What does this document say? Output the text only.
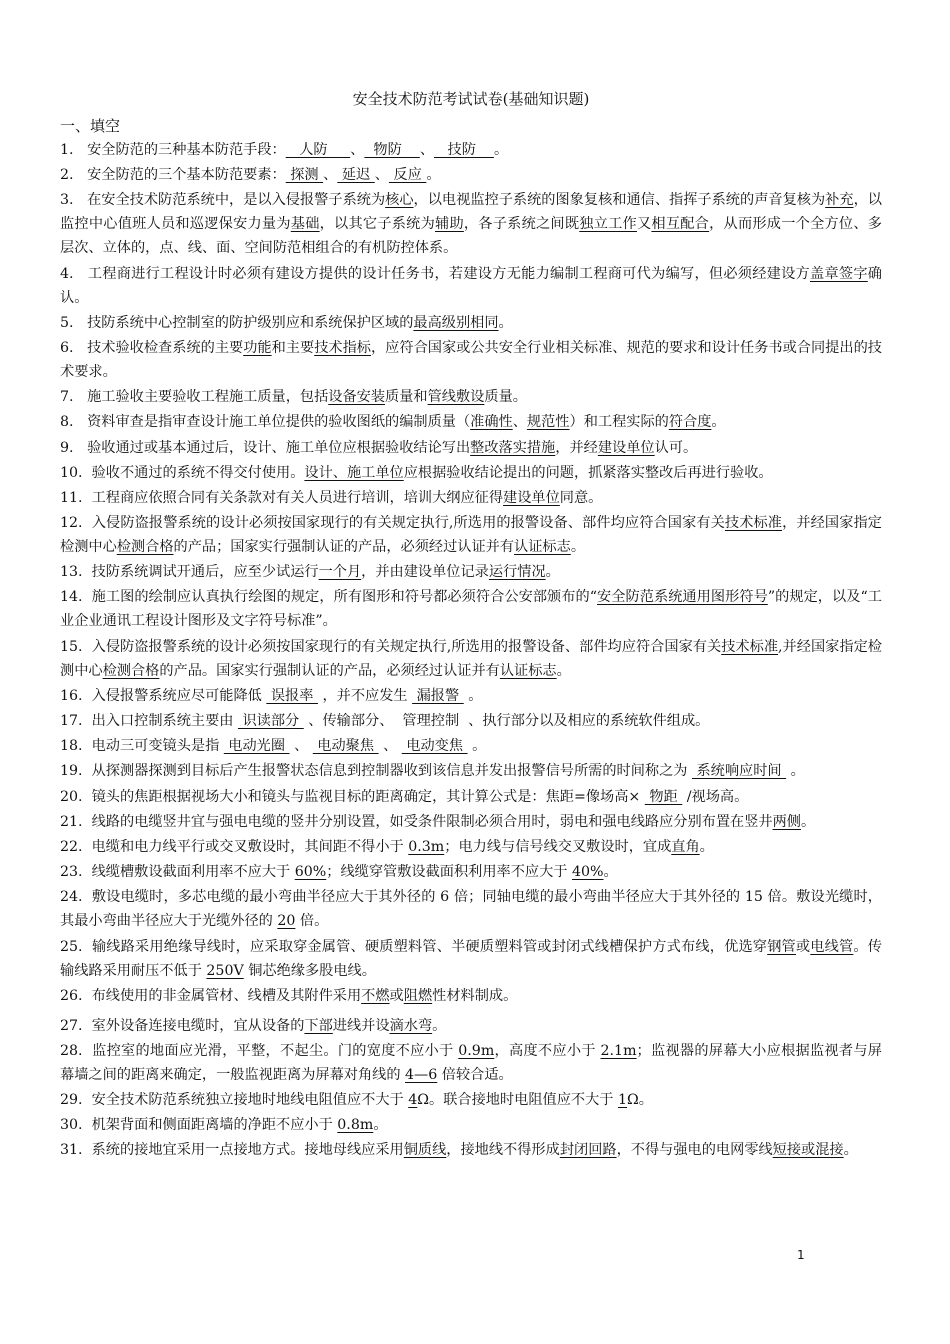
安全技术防范考试试卷(基础知识题)

一、填空

1.   安全防范的三种基本防范手段：   人防     、  物防    、   技防    。

2.   安全防范的三个基本防范要素： 探测 、 延迟 、 反应 。

3.   在安全技术防范系统中，是以入侵报警子系统为核心，以电视监控子系统的图象复核和通信、指挥子系统的声音复核为补充，以监控中心值班人员和巡逻保安力量为基础，以其它子系统为辅助，各子系统之间既独立工作又相互配合，从而形成一个全方位、多层次、立体的，点、线、面、空间防范相组合的有机防控体系。

4.   工程商进行工程设计时必须有建设方提供的设计任务书，若建设方无能力编制工程商可代为编写，但必须经建设方盖章签字确认。

5.   技防系统中心控制室的防护级别应和系统保护区域的最高级别相同。

6.   技术验收检查系统的主要功能和主要技术指标，应符合国家或公共安全行业相关标准、规范的要求和设计任务书或合同提出的技术要求。

7.   施工验收主要验收工程施工质量，包括设备安装质量和管线敷设质量。

8.   资料审查是指审查设计施工单位提供的验收图纸的编制质量（准确性、规范性）和工程实际的符合度。

9.   验收通过或基本通过后，设计、施工单位应根据验收结论写出整改落实措施，并经建设单位认可。

10.  验收不通过的系统不得交付使用。设计、施工单位应根据验收结论提出的问题，抓紧落实整改后再进行验收。

11.  工程商应依照合同有关条款对有关人员进行培训，培训大纲应征得建设单位同意。

12.  入侵防盗报警系统的设计必须按国家现行的有关规定执行,所选用的报警设备、部件均应符合国家有关技术标准，并经国家指定检测中心检测合格的产品；国家实行强制认证的产品，必须经过认证并有认证标志。

13.  技防系统调试开通后，应至少试运行一个月，并由建设单位记录运行情况。

14.  施工图的绘制应认真执行绘图的规定，所有图形和符号都必须符合公安部颁布的“安全防范系统通用图形符号”的规定，以及“工业企业通讯工程设计图形及文字符号标准”。

15.  入侵防盗报警系统的设计必须按国家现行的有关规定执行,所选用的报警设备、部件均应符合国家有关技术标准,并经国家指定检测中心检测合格的产品。国家实行强制认证的产品，必须经过认证并有认证标志。

16.  入侵报警系统应尽可能降低  误报率  ，并不应发生  漏报警  。

17.  出入口控制系统主要由  识读部分  、传输部分、  管理控制  、执行部分以及相应的系统软件组成。

18.  电动三可变镜头是指  电动光圈  、  电动聚焦  、  电动变焦  。

19.  从探测器探测到目标后产生报警状态信息到控制器收到该信息并发出报警信号所需的时间称之为  系统响应时间  。

20.  镜头的焦距根据视场大小和镜头与监视目标的距离确定，其计算公式是：焦距=像场高×  物距  /视场高。

21.  线路的电缆竖井宜与强电电缆的竖井分别设置，如受条件限制必须合用时，弱电和强电线路应分别布置在竖井两侧。

22.  电缆和电力线平行或交叉敷设时，其间距不得小于 0.3m；电力线与信号线交叉敷设时，宜成直角。

23.  线缆槽敷设截面利用率不应大于 60%；线缆穿管敷设截面积利用率不应大于 40%。

24.  敷设电缆时，多芯电缆的最小弯曲半径应大于其外径的 6 倍；同轴电缆的最小弯曲半径应大于其外径的 15 倍。敷设光缆时，其最小弯曲半径应大于光缆外径的 20 倍。

25.  输线路采用绝缘导线时，应采取穿金属管、硬质塑料管、半硬质塑料管或封闭式线槽保护方式布线，优选穿钢管或电线管。传输线路采用耐压不低于 250V 铜芯绝缘多股电线。

26.  布线使用的非金属管材、线槽及其附件采用不燃或阻燃性材料制成。

27.  室外设备连接电缆时，宜从设备的下部进线并设滴水弯。

28.  监控室的地面应光滑，平整，不起尘。门的宽度不应小于 0.9m，高度不应小于 2.1m；监视器的屏幕大小应根据监视者与屏幕墙之间的距离来确定，一般监视距离为屏幕对角线的 4—6 倍较合适。

29.  安全技术防范系统独立接地时地线电阻值应不大于 4Ω。联合接地时电阻值应不大于 1Ω。

30.  机架背面和侧面距离墙的净距不应小于 0.8m。

31.  系统的接地宜采用一点接地方式。接地母线应采用铜质线，接地线不得形成封闭回路，不得与强电的电网零线短接或混接。

1
